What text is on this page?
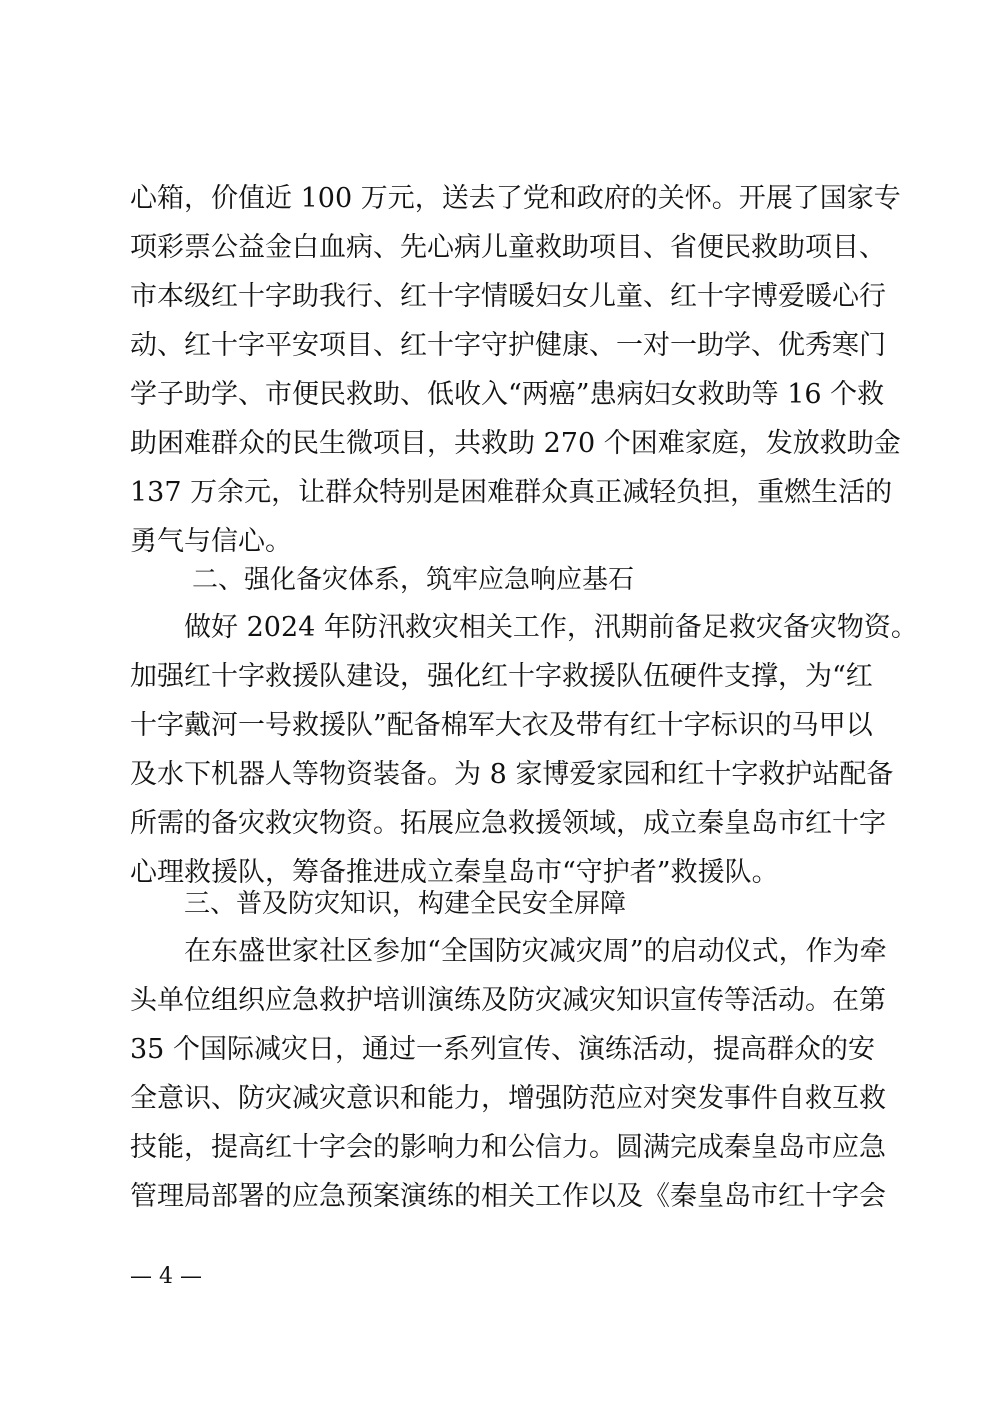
心箱，价值近 100 万元，送去了党和政府的关怀。开展了国家专
项彩票公益金白血病、先心病儿童救助项目、省便民救助项目、
市本级红十字助我行、红十字情暖妇女儿童、红十字博爱暖心行
动、红十字平安项目、红十字守护健康、一对一助学、优秀寒门
学子助学、市便民救助、低收入“两癌”患病妇女救助等 16 个救
助困难群众的民生微项目，共救助 270 个困难家庭，发放救助金
137 万余元，让群众特别是困难群众真正减轻负担，重燃生活的
勇气与信心。
二、强化备灾体系，筑牢应急响应基石
做好 2024 年防汛救灾相关工作，汛期前备足救灾备灾物资。
加强红十字救援队建设，强化红十字救援队伍硬件支撑，为“红
十字戴河一号救援队”配备棉军大衣及带有红十字标识的马甲以
及水下机器人等物资装备。为 8 家博爱家园和红十字救护站配备
所需的备灾救灾物资。拓展应急救援领域，成立秦皇岛市红十字
心理救援队，筹备推进成立秦皇岛市“守护者”救援队。
三、普及防灾知识，构建全民安全屏障
在东盛世家社区参加“全国防灾减灾周”的启动仪式，作为牵
头单位组织应急救护培训演练及防灾减灾知识宣传等活动。在第
35 个国际减灾日，通过一系列宣传、演练活动，提高群众的安
全意识、防灾减灾意识和能力，增强防范应对突发事件自救互救
技能，提高红十字会的影响力和公信力。圆满完成秦皇岛市应急
管理局部署的应急预案演练的相关工作以及《秦皇岛市红十字会
— 4 —
